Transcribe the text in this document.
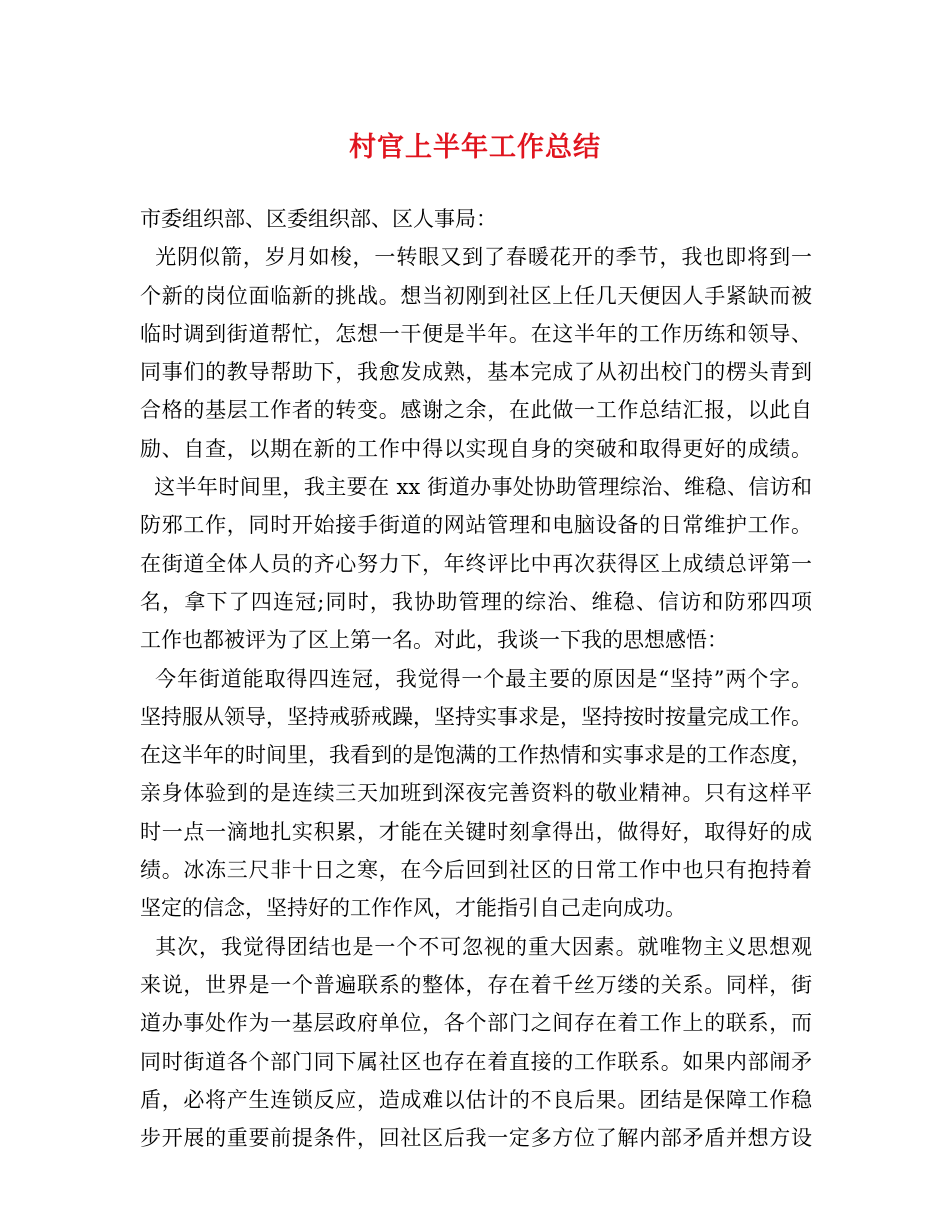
村官上半年工作总结
市委组织部、区委组织部、区人事局：
光阴似箭，岁月如梭，一转眼又到了春暖花开的季节，我也即将到一
个新的岗位面临新的挑战。想当初刚到社区上任几天便因人手紧缺而被
临时调到街道帮忙，怎想一干便是半年。在这半年的工作历练和领导、
同事们的教导帮助下，我愈发成熟，基本完成了从初出校门的楞头青到
合格的基层工作者的转变。感谢之余，在此做一工作总结汇报，以此自
励、自查，以期在新的工作中得以实现自身的突破和取得更好的成绩。
这半年时间里，我主要在 xx 街道办事处协助管理综治、维稳、信访和
防邪工作，同时开始接手街道的网站管理和电脑设备的日常维护工作。
在街道全体人员的齐心努力下，年终评比中再次获得区上成绩总评第一
名，拿下了四连冠;同时，我协助管理的综治、维稳、信访和防邪四项
工作也都被评为了区上第一名。对此，我谈一下我的思想感悟：
今年街道能取得四连冠，我觉得一个最主要的原因是“坚持”两个字。
坚持服从领导，坚持戒骄戒躁，坚持实事求是，坚持按时按量完成工作。
在这半年的时间里，我看到的是饱满的工作热情和实事求是的工作态度，
亲身体验到的是连续三天加班到深夜完善资料的敬业精神。只有这样平
时一点一滴地扎实积累，才能在关键时刻拿得出，做得好，取得好的成
绩。冰冻三尺非十日之寒，在今后回到社区的日常工作中也只有抱持着
坚定的信念，坚持好的工作作风，才能指引自己走向成功。
其次，我觉得团结也是一个不可忽视的重大因素。就唯物主义思想观
来说，世界是一个普遍联系的整体，存在着千丝万缕的关系。同样，街
道办事处作为一基层政府单位，各个部门之间存在着工作上的联系，而
同时街道各个部门同下属社区也存在着直接的工作联系。如果内部闹矛
盾，必将产生连锁反应，造成难以估计的不良后果。团结是保障工作稳
步开展的重要前提条件，回社区后我一定多方位了解内部矛盾并想方设
